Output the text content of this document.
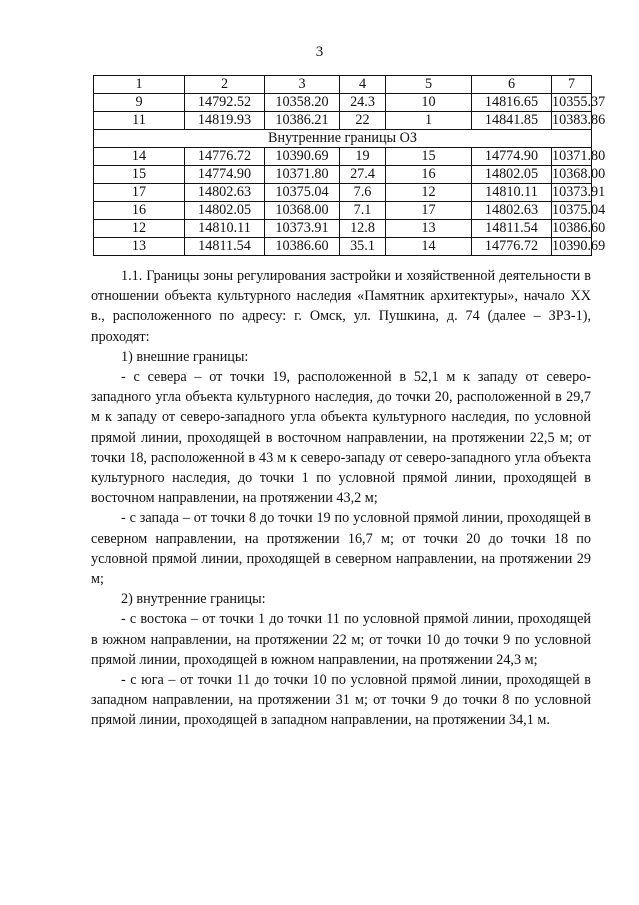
3
1	2	3	4	5	6	7
9	14792.52	10358.20	24.3	10	14816.65	10355.37
11	14819.93	10386.21	22	1	14841.85	10383.86
Внутренние границы ОЗ						
14	14776.72	10390.69	19	15	14774.90	10371.80
15	14774.90	10371.80	27.4	16	14802.05	10368.00
17	14802.63	10375.04	7.6	12	14810.11	10373.91
16	14802.05	10368.00	7.1	17	14802.63	10375.04
12	14810.11	10373.91	12.8	13	14811.54	10386.60
13	14811.54	10386.60	35.1	14	14776.72	10390.69

1.1. Границы зоны регулирования застройки и хозяйственной деятельности в отношении объекта культурного наследия «Памятник архитектуры», начало XX в., расположенного по адресу: г. Омск, ул. Пушкина, д. 74 (далее – ЗРЗ-1), проходят:

1) внешние границы:

- с севера – от точки 19, расположенной в 52,1 м к западу от северо-западного угла объекта культурного наследия, до точки 20, расположенной в 29,7 м к западу от северо-западного угла объекта культурного наследия, по условной прямой линии, проходящей в восточном направлении, на протяжении 22,5 м; от точки 18, расположенной в 43 м к северо-западу от северо-западного угла объекта культурного наследия, до точки 1 по условной прямой линии, проходящей в восточном направлении, на протяжении 43,2 м;

- с запада – от точки 8 до точки 19 по условной прямой линии, проходящей в северном направлении, на протяжении 16,7 м; от точки 20 до точки 18 по условной прямой линии, проходящей в северном направлении, на протяжении 29 м;

2) внутренние границы:

- с востока – от точки 1 до точки 11 по условной прямой линии, проходящей в южном направлении, на протяжении 22 м; от точки 10 до точки 9 по условной прямой линии, проходящей в южном направлении, на протяжении 24,3 м;

- с юга – от точки 11 до точки 10 по условной прямой линии, проходящей в западном направлении, на протяжении 31 м; от точки 9 до точки 8 по условной прямой линии, проходящей в западном направлении, на протяжении 34,1 м.
